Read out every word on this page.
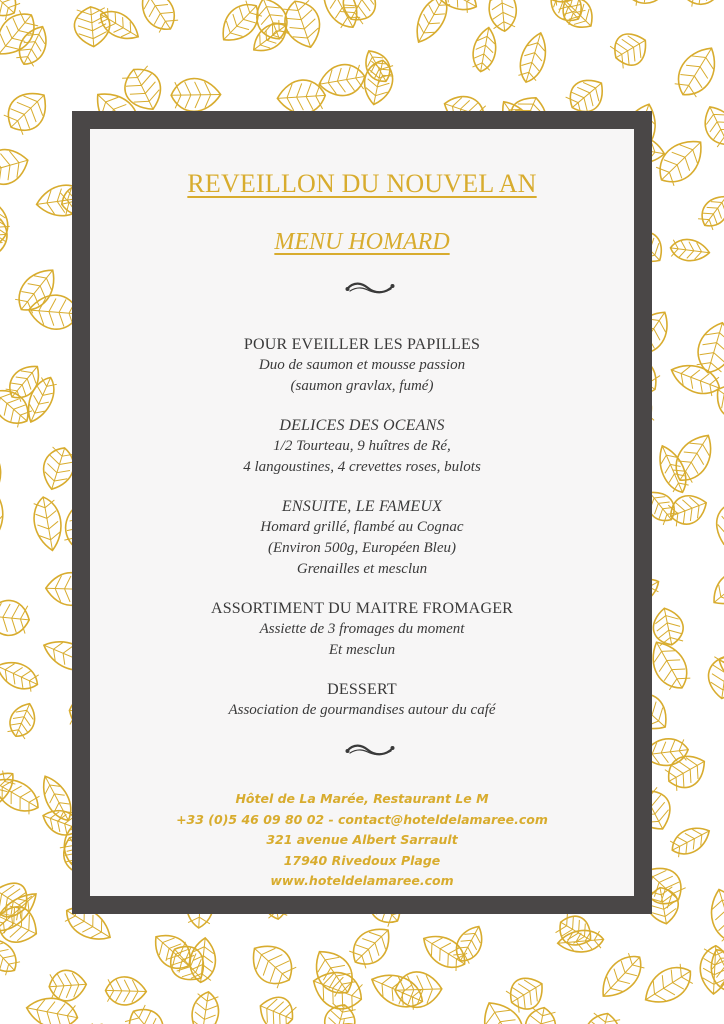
REVEILLON DU NOUVEL AN
MENU HOMARD
POUR EVEILLER LES PAPILLES
Duo de saumon et mousse passion
(saumon gravlax, fumé)
DELICES DES OCEANS
1/2 Tourteau, 9 huîtres de Ré,
4 langoustines, 4 crevettes roses, bulots
ENSUITE, LE FAMEUX
Homard grillé, flambé au Cognac
(Environ 500g, Européen Bleu)
Grenailles et mesclun
ASSORTIMENT DU MAITRE FROMAGER
Assiette de 3 fromages du moment
Et mesclun
DESSERT
Association de gourmandises autour du café
Hôtel de La Marée, Restaurant Le M
+33 (0)5 46 09 80 02 - contact@hoteldelamaree.com
321 avenue Albert Sarrault
17940 Rivedoux Plage
www.hoteldelamaree.com
